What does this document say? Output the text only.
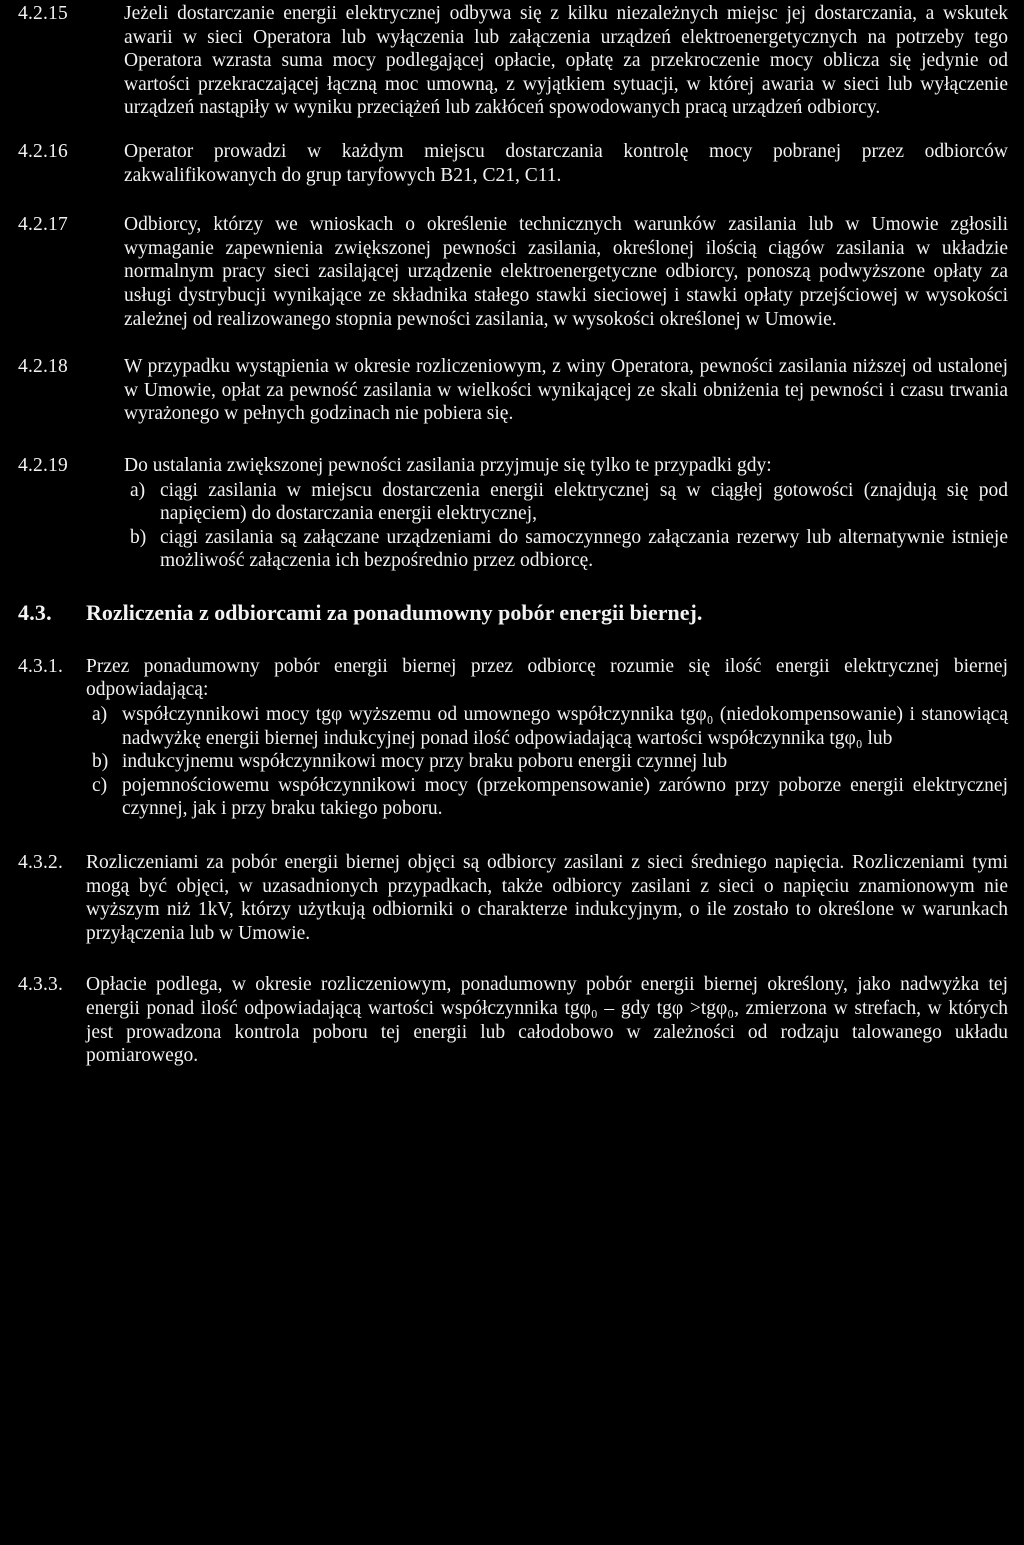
4.2.15	Jeżeli dostarczanie energii elektrycznej odbywa się z kilku niezależnych miejsc jej dostarczania, a wskutek awarii w sieci Operatora lub wyłączenia lub załączenia urządzeń elektroenergetycznych na potrzeby tego Operatora wzrasta suma mocy podlegającej opłacie, opłatę za przekroczenie mocy oblicza się jedynie od wartości przekraczającej łączną moc umowną, z wyjątkiem sytuacji, w której awaria w sieci lub wyłączenie urządzeń nastąpiły w wyniku przeciążeń lub zakłóceń spowodowanych pracą urządzeń odbiorcy.
4.2.16	Operator prowadzi w każdym miejscu dostarczania kontrolę mocy pobranej przez odbiorców zakwalifikowanych do grup taryfowych B21, C21, C11.
4.2.17	Odbiorcy, którzy we wnioskach o określenie technicznych warunków zasilania lub w Umowie zgłosili wymaganie zapewnienia zwiększonej pewności zasilania, określonej ilością ciągów zasilania w układzie normalnym pracy sieci zasilającej urządzenie elektroenergetyczne odbiorcy, ponoszą podwyższone opłaty za usługi dystrybucji wynikające ze składnika stałego stawki sieciowej i stawki opłaty przejściowej w wysokości zależnej od realizowanego stopnia pewności zasilania, w wysokości określonej w Umowie.
4.2.18	W przypadku wystąpienia w okresie rozliczeniowym, z winy Operatora, pewności zasilania niższej od ustalonej w Umowie, opłat za pewność zasilania w wielkości wynikającej ze skali obniżenia tej pewności i czasu trwania wyrażonego w pełnych godzinach nie pobiera się.
4.2.19	Do ustalania zwiększonej pewności zasilania przyjmuje się tylko te przypadki gdy:
a) ciągi zasilania w miejscu dostarczenia energii elektrycznej są w ciągłej gotowości (znajdują się pod napięciem) do dostarczania energii elektrycznej,
b) ciągi zasilania są załączane urządzeniami do samoczynnego załączania rezerwy lub alternatywnie istnieje możliwość załączenia ich bezpośrednio przez odbiorcę.
4.3.	Rozliczenia z odbiorcami za ponadumowny pobór energii biernej.
4.3.1.	Przez ponadumowny pobór energii biernej przez odbiorcę rozumie się ilość energii elektrycznej biernej odpowiadającą:
a) współczynnikowi mocy tgφ wyższemu od umownego współczynnika tgφ₀ (niedokompensowanie) i stanowiącą nadwyżkę energii biernej indukcyjnej ponad ilość odpowiadającą wartości współczynnika tgφ₀ lub
b) indukcyjnemu współczynnikowi mocy przy braku poboru energii czynnej lub
c) pojemnościowemu współczynnikowi mocy (przekompensowanie) zarówno przy poborze energii elektrycznej czynnej, jak i przy braku takiego poboru.
4.3.2.	Rozliczeniami za pobór energii biernej objęci są odbiorcy zasilani z sieci średniego napięcia. Rozliczeniami tymi mogą być objęci, w uzasadnionych przypadkach, także odbiorcy zasilani z sieci o napięciu znamionowym nie wyższym niż 1kV, którzy użytkują odbiorniki o charakterze indukcyjnym, o ile zostało to określone w warunkach przyłączenia lub w Umowie.
4.3.3.	Opłacie podlega, w okresie rozliczeniowym, ponadumowny pobór energii biernej określony, jako nadwyżka tej energii ponad ilość odpowiadającą wartości współczynnika tgφ₀ – gdy tgφ >tgφ₀, zmierzona w strefach, w których jest prowadzona kontrola poboru tej energii lub całodobowo w zależności od rodzaju talowanego układu pomiarowego.
